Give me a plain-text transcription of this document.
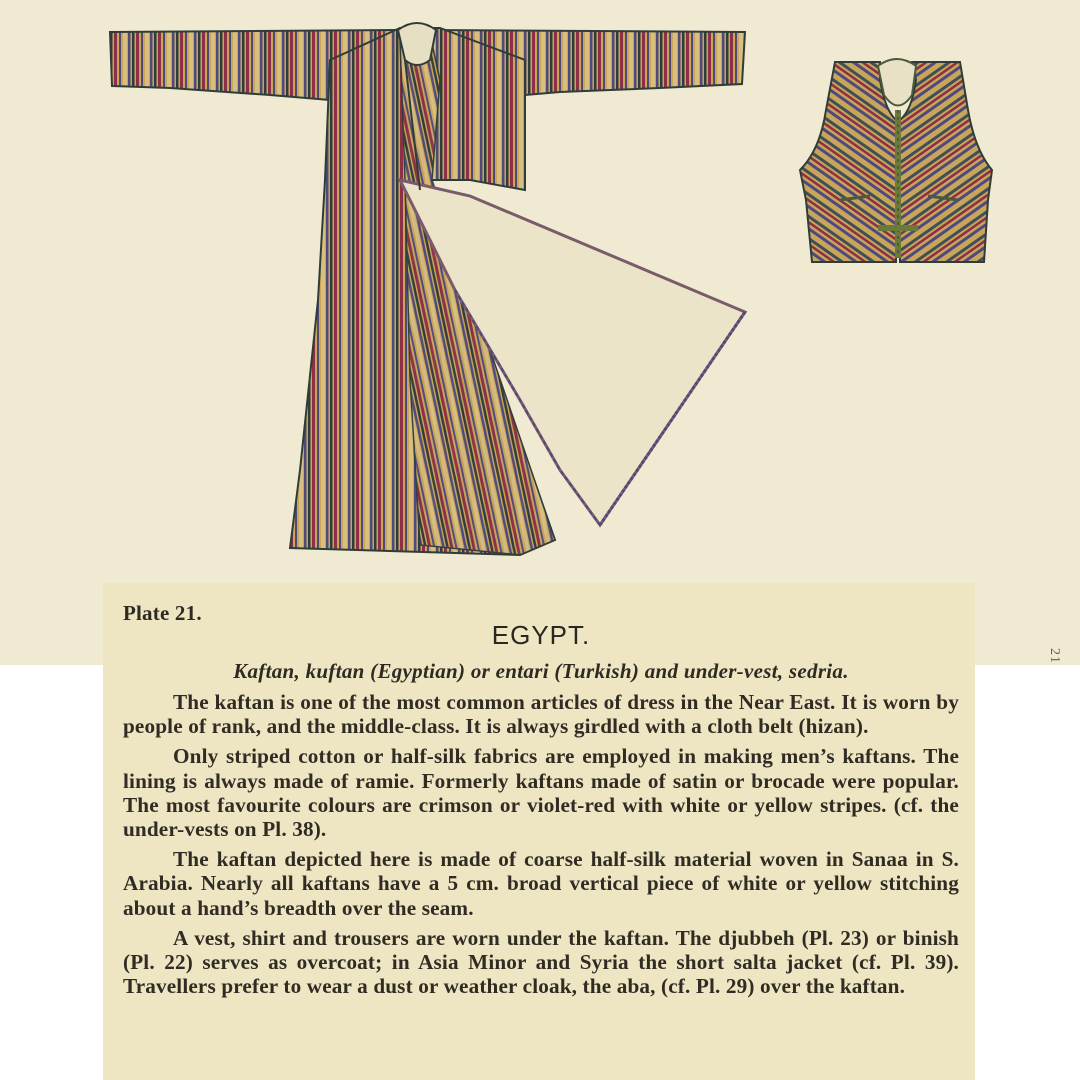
21
Plate 21.
EGYPT.
Kaftan, kuftan (Egyptian) or entari (Turkish) and under-vest, sedria.

The kaftan is one of the most common articles of dress in the Near East. It is worn by people of rank, and the middle-class. It is always girdled with a cloth belt (hizan).

Only striped cotton or half-silk fabrics are employed in making men’s kaftans. The lining is always made of ramie. Formerly kaftans made of satin or brocade were popular. The most favourite colours are crimson or violet-red with white or yellow stripes. (cf. the under-vests on Pl. 38).

The kaftan depicted here is made of coarse half-silk material woven in Sanaa in S. Arabia. Nearly all kaftans have a 5 cm. broad vertical piece of white or yellow stitching about a hand’s breadth over the seam.

A vest, shirt and trousers are worn under the kaftan. The djubbeh (Pl. 23) or binish (Pl. 22) serves as overcoat; in Asia Minor and Syria the short salta jacket (cf. Pl. 39). Travellers prefer to wear a dust or weather cloak, the aba, (cf. Pl. 29) over the kaftan.
